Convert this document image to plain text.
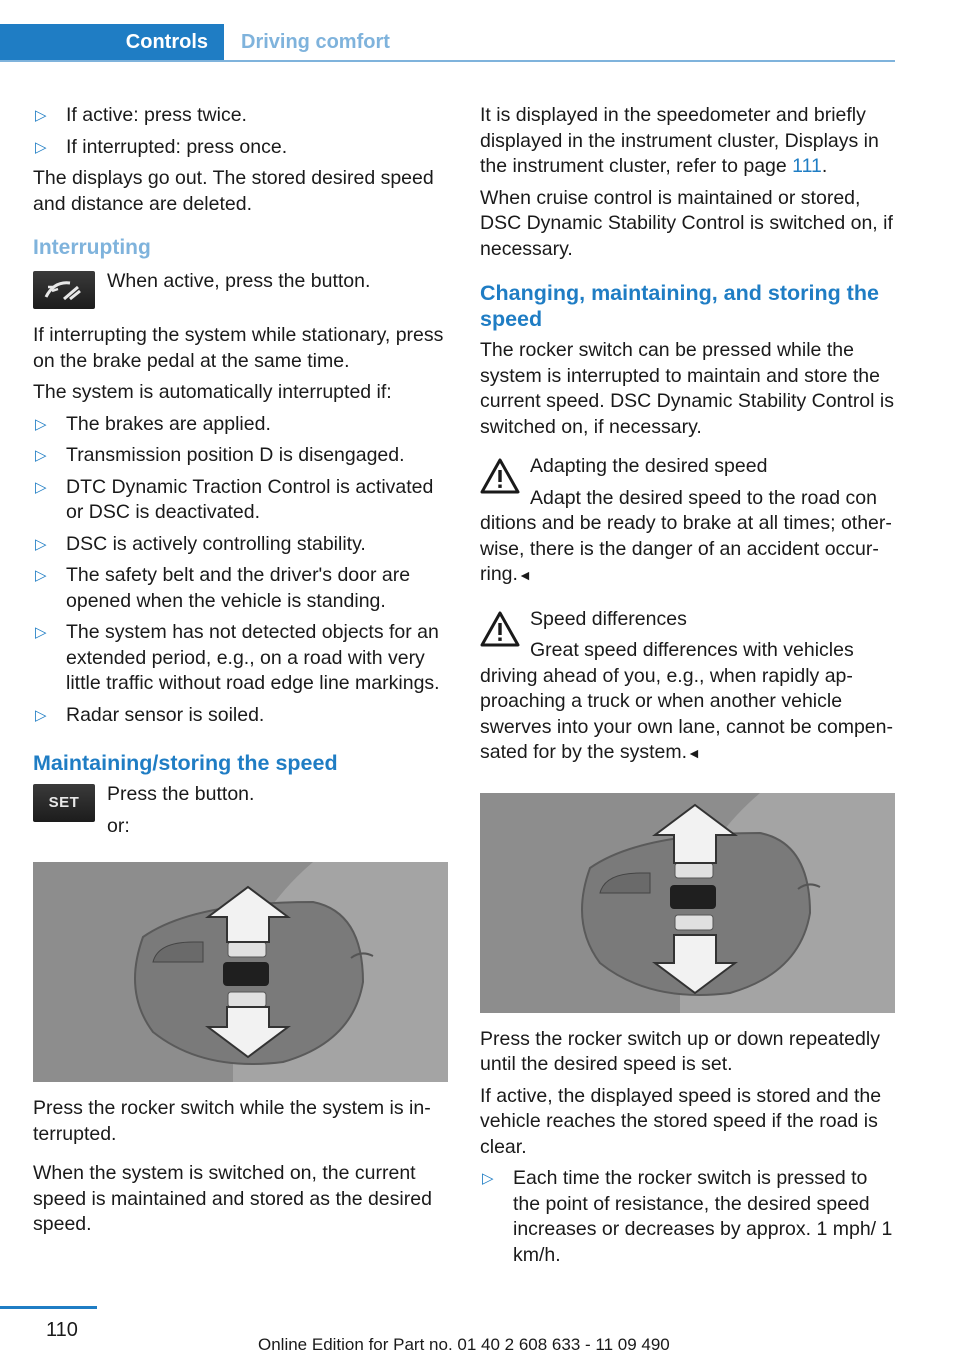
Controls Driving comfort
▷ If active: press twice.
▷ If interrupted: press once.

The displays go out. The stored desired speed and distance are deleted.

Interrupting
When active, press the button.

If interrupting the system while stationary, press on the brake pedal at the same time.

The system is automatically interrupted if:

▷ The brakes are applied.
▷ Transmission position D is disengaged.
▷ DTC Dynamic Traction Control is activated or DSC is deactivated.
▷ DSC is actively controlling stability.
▷ The safety belt and the driver's door are opened when the vehicle is standing.
▷ The system has not detected objects for an extended period, e.g., on a road with very little traffic without road edge line markings.
▷ Radar sensor is soiled.
Maintaining/storing the speed
SET Press the button.
or:

Press the rocker switch while the system is interrupted.

When the system is switched on, the current speed is maintained and stored as the desired speed.

It is displayed in the speedometer and briefly displayed in the instrument cluster, Displays in the instrument cluster, refer to page 111.

When cruise control is maintained or stored, DSC Dynamic Stability Control is switched on, if necessary.

Changing, maintaining, and storing the speed

The rocker switch can be pressed while the system is interrupted to maintain and store the current speed. DSC Dynamic Stability Control is switched on, if necessary.

Adapting the desired speed
Adapt the desired speed to the road con
ditions and be ready to brake at all times; otherwise, there is the danger of an accident occurring.◄
Speed differences
Great speed differences with vehicles
driving ahead of you, e.g., when rapidly approaching a truck or when another vehicle swerves into your own lane, cannot be compensated for by the system.◄

Press the rocker switch up or down repeatedly until the desired speed is set.

If active, the displayed speed is stored and the vehicle reaches the stored speed if the road is clear.

▷ Each time the rocker switch is pressed to the point of resistance, the desired speed increases or decreases by approx. 1 mph/ 1 km/h.
110
Online Edition for Part no. 01 40 2 608 633 - 11 09 490
